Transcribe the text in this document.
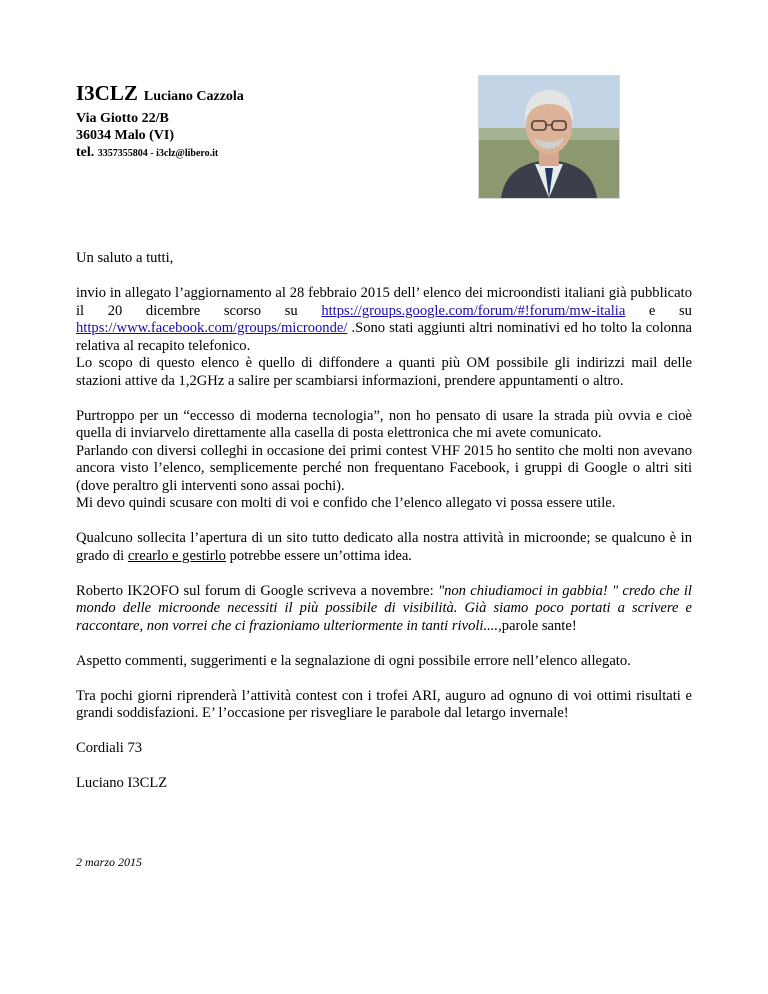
I3CLZ Luciano Cazzola
Via Giotto 22/B
36034 Malo (VI)
tel. 3357355804 - i3clz@libero.it

Un saluto a tutti,

invio in allegato l’aggiornamento al 28 febbraio 2015 dell’ elenco dei microondisti italiani già pubblicato il 20 dicembre scorso su https://groups.google.com/forum/#!forum/mw-italia e su https://www.facebook.com/groups/microonde/ .Sono stati aggiunti altri nominativi ed ho tolto la colonna relativa al recapito telefonico.

Lo scopo di questo elenco è quello di diffondere a quanti più OM possibile gli indirizzi mail delle stazioni attive da 1,2GHz a salire per scambiarsi informazioni, prendere appuntamenti o altro.

Purtroppo per un “eccesso di moderna tecnologia”, non ho pensato di usare la strada più ovvia e cioè quella di inviarvelo direttamente alla casella di posta elettronica che mi avete comunicato.

Parlando con diversi colleghi in occasione dei primi contest VHF 2015 ho sentito che molti non avevano ancora visto l’elenco, semplicemente perché non frequentano Facebook, i gruppi di Google o altri siti (dove peraltro gli interventi sono assai pochi).

Mi devo quindi scusare con molti di voi e confido che l’elenco allegato vi possa essere utile.

Qualcuno sollecita l’apertura di un sito tutto dedicato alla nostra attività in microonde; se qualcuno è in grado di crearlo e gestirlo potrebbe essere un’ottima idea.

Roberto IK2OFO sul forum di Google scriveva a novembre: "non chiudiamoci in gabbia! " credo che il mondo delle microonde necessiti il più possibile di visibilità. Già siamo poco portati a scrivere e raccontare, non vorrei che ci frazioniamo ulteriormente in tanti rivoli....,parole sante!

Aspetto commenti, suggerimenti e la segnalazione di ogni possibile errore nell’elenco allegato.

Tra pochi giorni riprenderà l’attività contest con i trofei ARI, auguro ad ognuno di voi ottimi risultati e grandi soddisfazioni. E’ l’occasione per risvegliare le parabole dal letargo invernale!

Cordiali 73

Luciano I3CLZ

2 marzo 2015
